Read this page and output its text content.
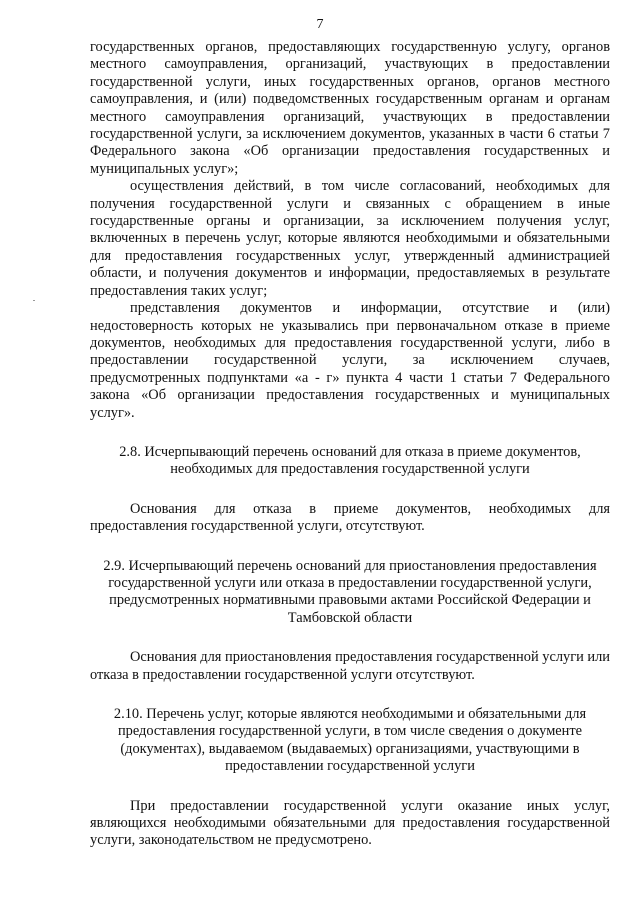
7

государственных органов, предоставляющих государственную услугу, органов местного самоуправления, организаций, участвующих в предоставлении государственной услуги, иных государственных органов, органов местного самоуправления, и (или) подведомственных государственным органам и органам местного самоуправления организаций, участвующих в предоставлении государственной услуги, за исключением документов, указанных в части 6 статьи 7 Федерального закона «Об организации предоставления государственных и муниципальных услуг»;

осуществления действий, в том числе согласований, необходимых для получения государственной услуги и связанных с обращением в иные государственные органы и организации, за исключением получения услуг, включенных в перечень услуг, которые являются необходимыми и обязательными для предоставления государственных услуг, утвержденный администрацией области, и получения документов и информации, предоставляемых в результате предоставления таких услуг;

представления документов и информации, отсутствие и (или) недостоверность которых не указывались при первоначальном отказе в приеме документов, необходимых для предоставления государственной услуги, либо в предоставлении государственной услуги, за исключением случаев, предусмотренных подпунктами «а - г» пункта 4 части 1 статьи 7 Федерального закона «Об организации предоставления государственных и муниципальных услуг».

2.8. Исчерпывающий перечень оснований для отказа в приеме документов, необходимых для предоставления государственной услуги

Основания для отказа в приеме документов, необходимых для предоставления государственной услуги, отсутствуют.

2.9. Исчерпывающий перечень оснований для приостановления предоставления государственной услуги или отказа в предоставлении государственной услуги, предусмотренных нормативными правовыми актами Российской Федерации и Тамбовской области

Основания для приостановления предоставления государственной услуги или отказа в предоставлении государственной услуги отсутствуют.

2.10. Перечень услуг, которые являются необходимыми и обязательными для предоставления государственной услуги, в том числе сведения о документе (документах), выдаваемом (выдаваемых) организациями, участвующими в предоставлении государственной услуги

При предоставлении государственной услуги оказание иных услуг, являющихся необходимыми обязательными для предоставления государственной услуги, законодательством не предусмотрено.
